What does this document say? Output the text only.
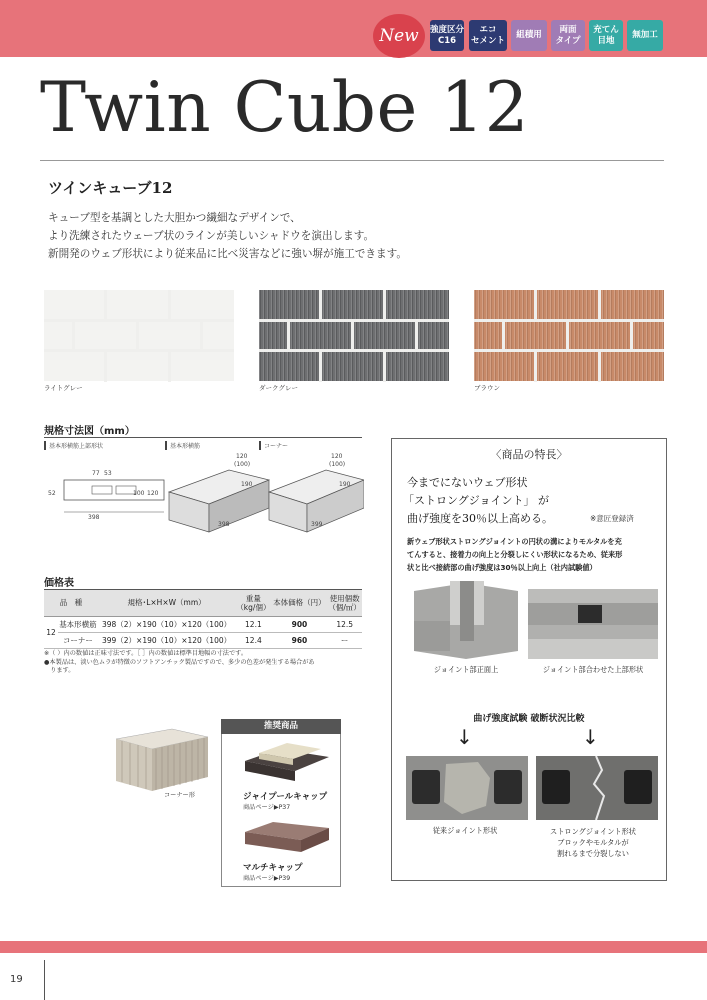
New	強度区分
C16
エコ
セメント
組積用
両面
タイプ
充てん
目地
無加工
Twin Cube 12
ツインキューブ12
キューブ型を基調とした大胆かつ繊細なデザインで、
より洗練されたウェーブ状のラインが美しいシャドウを演出します。
新開発のウェブ形状により従来品に比べ災害などに強い塀が施工できます。
ライトグレー	ダークグレー	ブラウン
規格寸法図（mm）
基本形横筋上部形状	基本形横筋	コーナー
77 53
52	100 120
398
120
(100)
190
398
120
(100)
190
399
価格表
品　種		規格･L×H×W（mm）	重量
（kg/個）	本体価格（円）	使用個数
（個/㎡）
12	基本形横筋	398（2）×190（10）×120（100）	12.1	900	12.5
	コーナー	399（2）×190（10）×120（100）	12.4	960	ー
※（ ）内の数値は正味寸法です。［ ］内の数値は標準目地幅の寸法です。
●本製品は、淡い色ムラが特徴のソフトアンチック製品ですので、多少の色差が発生する場合があ
　ります。
コーナー形
推奨商品
ジャイプールキャップ
商品ページ▶P37
マルチキャップ
商品ページ▶P39
〈商品の特長〉
今までにないウェブ形状
「ストロングジョイント」 が
曲げ強度を30％以上高める。	※意匠登録済
新ウェブ形状ストロングジョイントの円状の溝によりモルタルを充
てんすると、接着力の向上と分裂しにくい形状になるため、従来形
状と比べ接続部の曲げ強度は30％以上向上（社内試験値）
ジョイント部正面上	ジョイント部合わせた上部形状
曲げ強度試験 破断状況比較
↓	↓
従来ジョイント形状	ストロングジョイント形状
ブロックやモルタルが
割れるまで分裂しない
19
